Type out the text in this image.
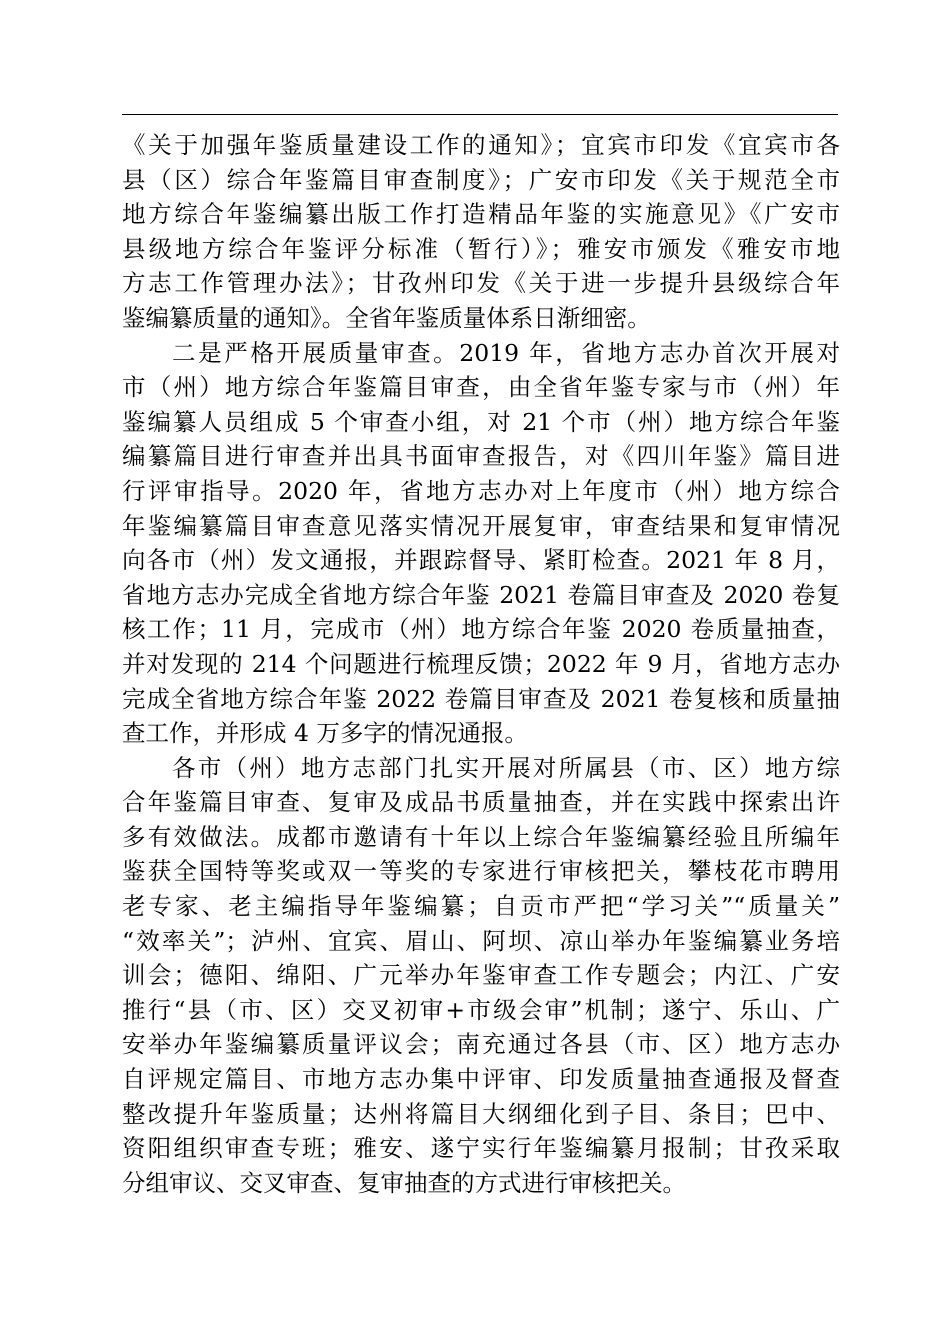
《关于加强年鉴质量建设工作的通知》；宜宾市印发《宜宾市各
县（区）综合年鉴篇目审查制度》；广安市印发《关于规范全市
地方综合年鉴编纂出版工作打造精品年鉴的实施意见》《广安市
县级地方综合年鉴评分标准（暂行）》；雅安市颁发《雅安市地
方志工作管理办法》；甘孜州印发《关于进一步提升县级综合年
鉴编纂质量的通知》。全省年鉴质量体系日渐细密。
二是严格开展质量审查。2019 年，省地方志办首次开展对
市（州）地方综合年鉴篇目审查，由全省年鉴专家与市（州）年
鉴编纂人员组成 5 个审查小组，对 21 个市（州）地方综合年鉴
编纂篇目进行审查并出具书面审查报告，对《四川年鉴》篇目进
行评审指导。2020 年，省地方志办对上年度市（州）地方综合
年鉴编纂篇目审查意见落实情况开展复审，审查结果和复审情况
向各市（州）发文通报，并跟踪督导、紧盯检查。2021 年 8 月，
省地方志办完成全省地方综合年鉴 2021 卷篇目审查及 2020 卷复
核工作；11 月，完成市（州）地方综合年鉴 2020 卷质量抽查，
并对发现的 214 个问题进行梳理反馈；2022 年 9 月，省地方志办
完成全省地方综合年鉴 2022 卷篇目审查及 2021 卷复核和质量抽
查工作，并形成 4 万多字的情况通报。
各市（州）地方志部门扎实开展对所属县（市、区）地方综
合年鉴篇目审查、复审及成品书质量抽查，并在实践中探索出许
多有效做法。成都市邀请有十年以上综合年鉴编纂经验且所编年
鉴获全国特等奖或双一等奖的专家进行审核把关，攀枝花市聘用
老专家、老主编指导年鉴编纂；自贡市严把“学习关”“质量关”
“效率关”；泸州、宜宾、眉山、阿坝、凉山举办年鉴编纂业务培
训会；德阳、绵阳、广元举办年鉴审查工作专题会；内江、广安
推行“县（市、区）交叉初审+市级会审”机制；遂宁、乐山、广
安举办年鉴编纂质量评议会；南充通过各县（市、区）地方志办
自评规定篇目、市地方志办集中评审、印发质量抽查通报及督查
整改提升年鉴质量；达州将篇目大纲细化到子目、条目；巴中、
资阳组织审查专班；雅安、遂宁实行年鉴编纂月报制；甘孜采取
分组审议、交叉审查、复审抽查的方式进行审核把关。
